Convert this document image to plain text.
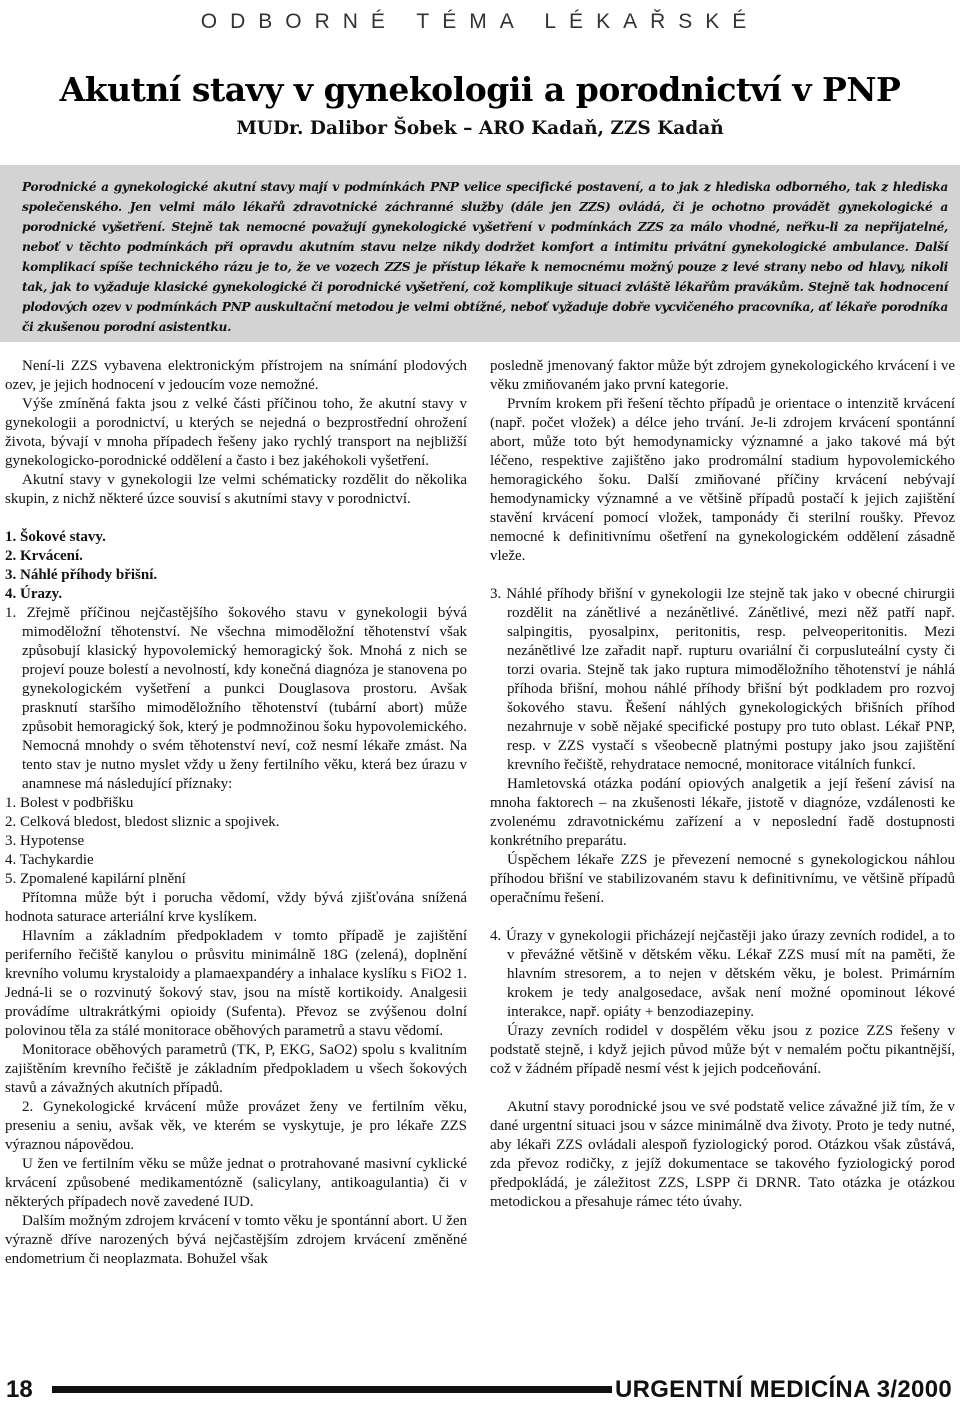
ODBORNÉ TÉMA LÉKAŘSKÉ
Akutní stavy v gynekologii a porodnictví v PNP
MUDr. Dalibor Šobek – ARO Kadaň, ZZS Kadaň

Porodnické a gynekologické akutní stavy mají v podmínkách PNP velice specifické postavení, a to jak z hlediska odborného, tak z hlediska společenského. Jen velmi málo lékařů zdravotnické záchranné služby (dále jen ZZS) ovládá, či je ochotno provádět gynekologické a porodnické vyšetření. Stejně tak nemocné považují gynekologické vyšetření v podmínkách ZZS za málo vhodné, neřku-li za nepřijatelné, neboť v těchto podmínkách při opravdu akutním stavu nelze nikdy dodržet komfort a intimitu privátní gynekologické ambulance. Další komplikací spíše technického rázu je to, že ve vozech ZZS je přístup lékaře k nemocnému možný pouze z levé strany nebo od hlavy, nikoli tak, jak to vyžaduje klasické gynekologické či porodnické vyšetření, což komplikuje situaci zvláště lékařům pravákům. Stejně tak hodnocení plodových ozev v podmínkách PNP auskultační metodou je velmi obtížné, neboť vyžaduje dobře vycvičeného pracovníka, ať lékaře porodníka či zkušenou porodní asistentku.

Není-li ZZS vybavena elektronickým přístrojem na snímání plodových ozev, je jejich hodnocení v jedoucím voze nemožné.

Výše zmíněná fakta jsou z velké části příčinou toho, že akutní stavy v gynekologii a porodnictví, u kterých se nejedná o bezprostřední ohrožení života, bývají v mnoha případech řešeny jako rychlý transport na nejbližší gynekologicko-porodnické oddělení a často i bez jakéhokoli vyšetření.

Akutní stavy v gynekologii lze velmi schématicky rozdělit do několika skupin, z nichž některé úzce souvisí s akutními stavy v porodnictví.

1. Šokové stavy.

2. Krvácení.

3. Náhlé příhody břišní.

4. Úrazy.

1. Zřejmě příčinou nejčastějšího šokového stavu v gynekologii bývá mimoděložní těhotenství. Ne všechna mimoděložní těhotenství však způsobují klasický hypovolemický hemoragický šok. Mnohá z nich se projeví pouze bolestí a nevolností, kdy konečná diagnóza je stanovena po gynekologickém vyšetření a punkci Douglasova prostoru. Avšak prasknutí staršího mimoděložního těhotenství (tubární abort) může způsobit hemoragický šok, který je podmnožinou šoku hypovolemického. Nemocná mnohdy o svém těhotenství neví, což nesmí lékaře zmást. Na tento stav je nutno myslet vždy u ženy fertilního věku, která bez úrazu v anamnese má následující příznaky:

1. Bolest v podbřišku

2. Celková bledost, bledost sliznic a spojivek.

3. Hypotense

4. Tachykardie

5. Zpomalené kapilární plnění

Přítomna může být i porucha vědomí, vždy bývá zjišťována snížená hodnota saturace arteriální krve kyslíkem.

Hlavním a základním předpokladem v tomto případě je zajištění periferního řečiště kanylou o průsvitu minimálně 18G (zelená), doplnění krevního volumu krystaloidy a plamaexpandéry a inhalace kyslíku s FiO2 1. Jedná-li se o rozvinutý šokový stav, jsou na místě kortikoidy. Analgesii provádíme ultrakrátkými opioidy (Sufenta). Převoz se zvýšenou dolní polovinou těla za stálé monitorace oběhových parametrů a stavu vědomí.

Monitorace oběhových parametrů (TK, P, EKG, SaO2) spolu s kvalitním zajištěním krevního řečiště je základním předpokladem u všech šokových stavů a závažných akutních případů.

2. Gynekologické krvácení může provázet ženy ve fertilním věku, preseniu a seniu, avšak věk, ve kterém se vyskytuje, je pro lékaře ZZS výraznou nápovědou.

U žen ve fertilním věku se může jednat o protrahované masivní cyklické krvácení způsobené medikamentózně (salicylany, antikoagulantia) či v některých případech nově zavedené IUD.

Dalším možným zdrojem krvácení v tomto věku je spontánní abort. U žen výrazně dříve narozených bývá nejčastějším zdrojem krvácení změněné endometrium či neoplazmata. Bohužel však

posledně jmenovaný faktor může být zdrojem gynekologického krvácení i ve věku zmiňovaném jako první kategorie.

Prvním krokem při řešení těchto případů je orientace o intenzitě krvácení (např. počet vložek) a délce jeho trvání. Je-li zdrojem krvácení spontánní abort, může toto být hemodynamicky významné a jako takové má být léčeno, respektive zajištěno jako prodromální stadium hypovolemického hemoragického šoku. Další zmiňované příčiny krvácení nebývají hemodynamicky významné a ve většině případů postačí k jejich zajištění stavění krvácení pomocí vložek, tamponády či sterilní roušky. Převoz nemocné k definitivnímu ošetření na gynekologickém oddělení zásadně vleže.

3. Náhlé příhody břišní v gynekologii lze stejně tak jako v obecné chirurgii rozdělit na zánětlivé a nezánětlivé. Zánětlivé, mezi něž patří např. salpingitis, pyosalpinx, peritonitis, resp. pelveoperitonitis. Mezi nezánětlivé lze zařadit např. rupturu ovariální či corpusluteální cysty či torzi ovaria. Stejně tak jako ruptura mimoděložního těhotenství je náhlá příhoda břišní, mohou náhlé příhody břišní být podkladem pro rozvoj šokového stavu. Řešení náhlých gynekologických břišních příhod nezahrnuje v sobě nějaké specifické postupy pro tuto oblast. Lékař PNP, resp. v ZZS vystačí s všeobecně platnými postupy jako jsou zajištění krevního řečiště, rehydratace nemocné, monitorace vitálních funkcí.

Hamletovská otázka podání opiových analgetik a její řešení závisí na mnoha faktorech – na zkušenosti lékaře, jistotě v diagnóze, vzdálenosti ke zvolenému zdravotnickému zařízení a v neposlední řadě dostupnosti konkrétního preparátu.

Úspěchem lékaře ZZS je převezení nemocné s gynekologickou náhlou příhodou břišní ve stabilizovaném stavu k definitivnímu, ve většině případů operačnímu řešení.

4. Úrazy v gynekologii přicházejí nejčastěji jako úrazy zevních rodidel, a to v převážné většině v dětském věku. Lékař ZZS musí mít na paměti, že hlavním stresorem, a to nejen v dětském věku, je bolest. Primárním krokem je tedy analgosedace, avšak není možné opominout lékové interakce, např. opiáty + benzodiazepiny.

Úrazy zevních rodidel v dospělém věku jsou z pozice ZZS řešeny v podstatě stejně, i když jejich původ může být v nemalém počtu pikantnější, což v žádném případě nesmí vést k jejich podceňování.

Akutní stavy porodnické jsou ve své podstatě velice závažné již tím, že v dané urgentní situaci jsou v sázce minimálně dva životy. Proto je tedy nutné, aby lékaři ZZS ovládali alespoň fyziologický porod. Otázkou však zůstává, zda převoz rodičky, z jejíž dokumentace se takového fyziologický porod předpokládá, je záležitost ZZS, LSPP či DRNR. Tato otázka je otázkou metodickou a přesahuje rámec této úvahy.

18	URGENTNÍ MEDICÍNA 3/2000
